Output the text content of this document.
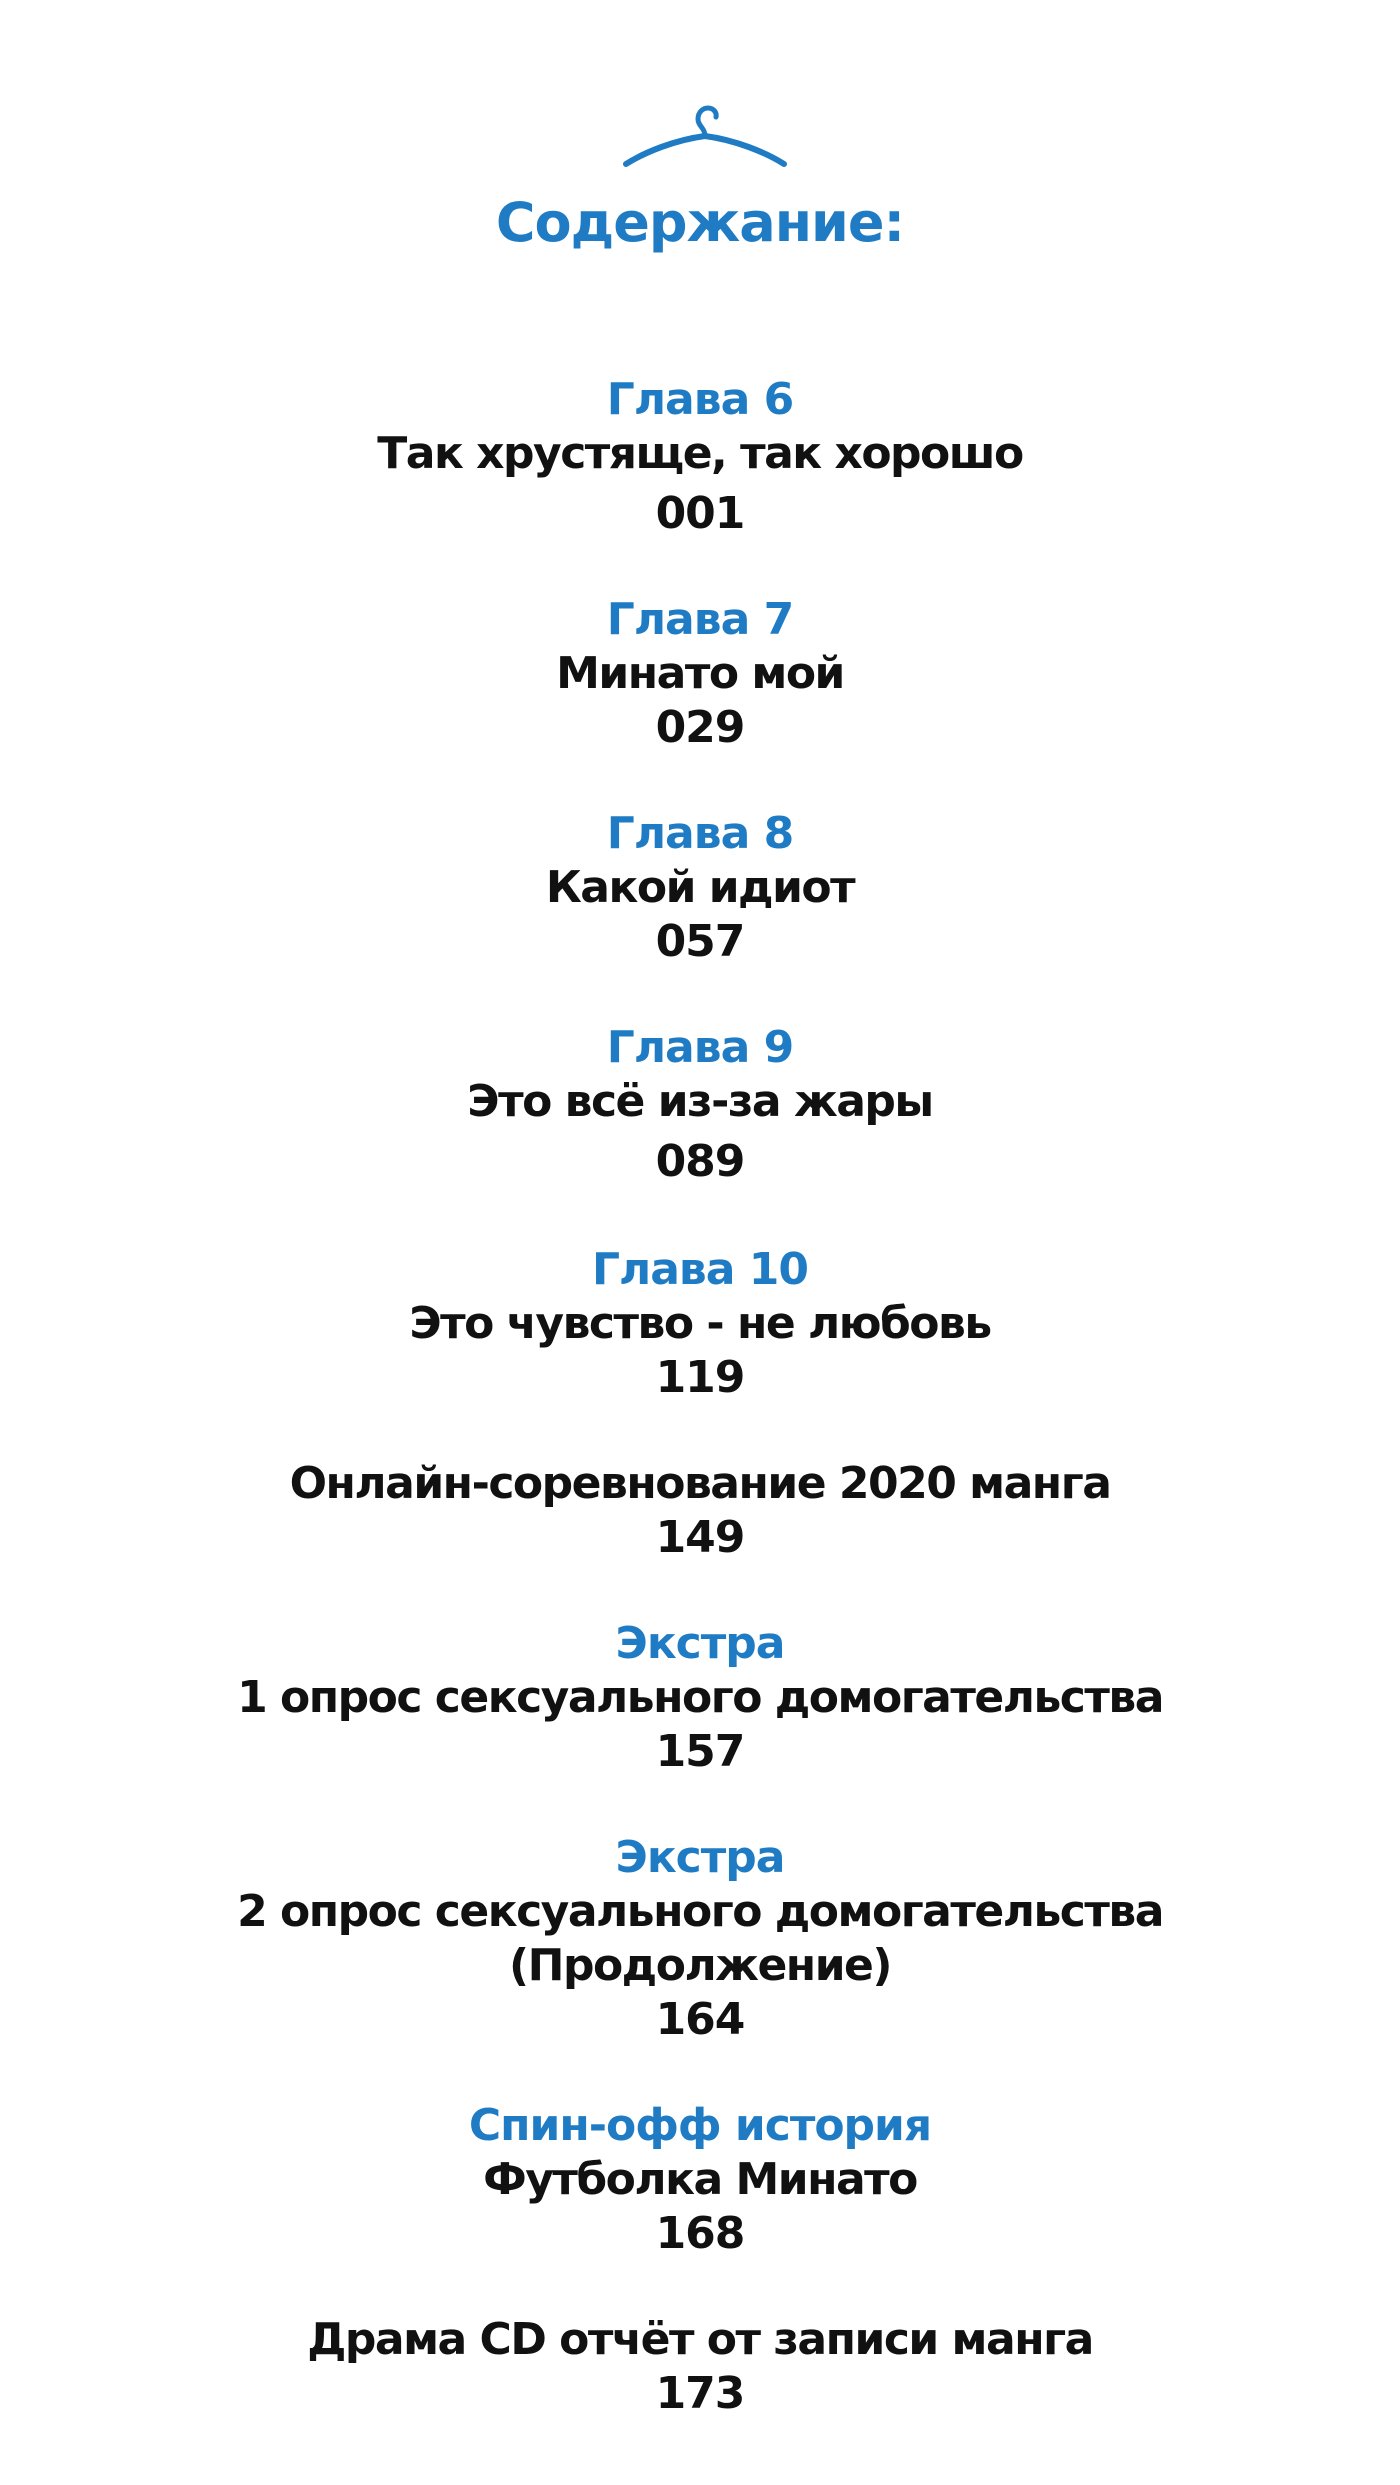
Содержание:
Глава 6
Так хрустяще, так хорошо
001
Глава 7
Минато мой
029
Глава 8
Какой идиот
057
Глава 9
Это всё из-за жары
089
Глава 10
Это чувство - не любовь
119
Онлайн-соревнование 2020 манга
149
Экстра
1 опрос сексуального домогательства
157
Экстра
2 опрос сексуального домогательства
(Продолжение)
164
Спин-офф история
Футболка Минато
168
Драма CD отчёт от записи манга
173
